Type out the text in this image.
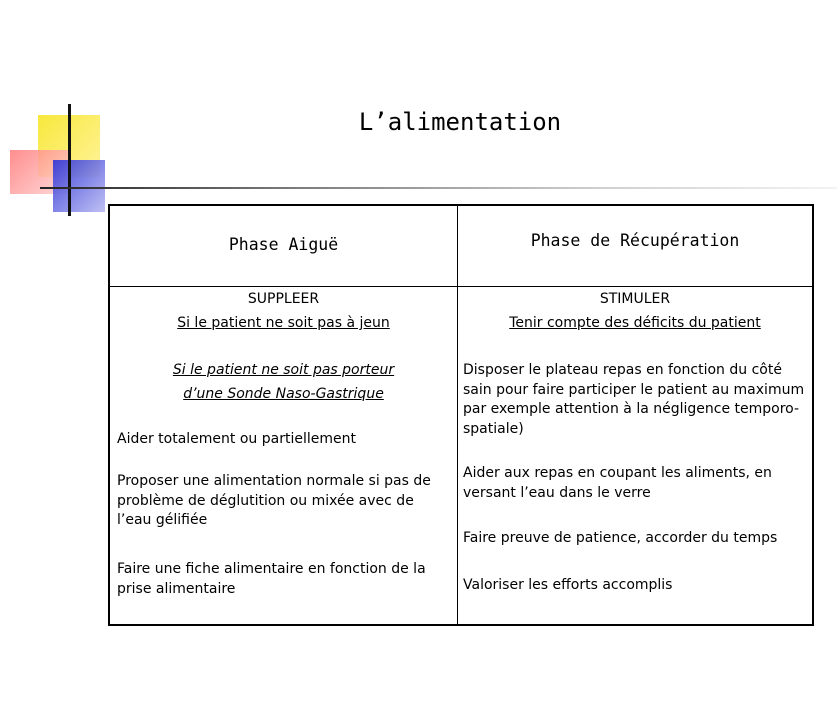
L’alimentation
Phase Aiguë	Phase de Récupération
SUPPLEER
Si le patient ne soit pas à jeun
Si le patient ne soit pas porteur
d’une Sonde Naso-Gastrique
Aider totalement ou partiellement
Proposer une alimentation normale si pas de problème de déglutition ou mixée avec de l’eau gélifiée
Faire une fiche alimentaire en fonction de la prise alimentaire
STIMULER
Tenir compte des déficits du patient
Disposer le plateau repas en fonction du côté sain pour faire participer le patient au maximum par exemple attention à la négligence temporo-spatiale)
Aider aux repas en coupant les aliments, en versant l’eau dans le verre
Faire preuve de patience, accorder du temps
Valoriser les efforts accomplis
